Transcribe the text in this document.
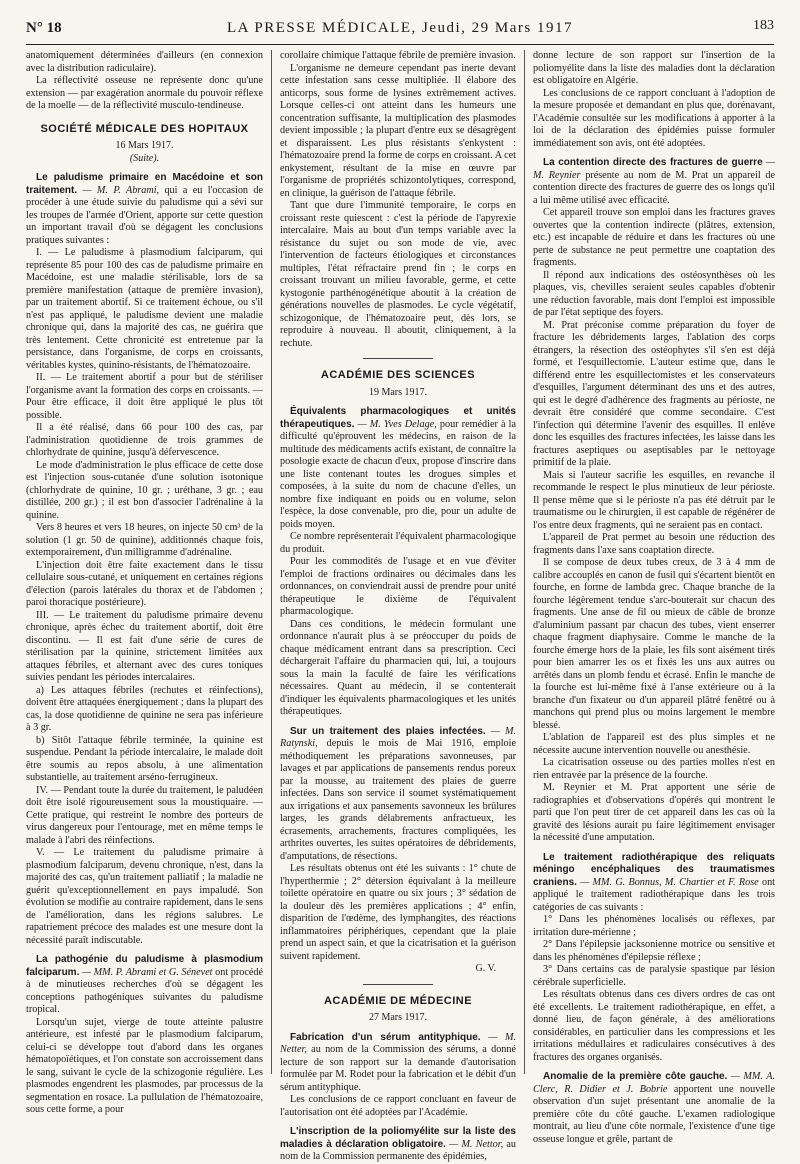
N° 18	LA PRESSE MÉDICALE, Jeudi, 29 Mars 1917	183

anatomiquement déterminées d'ailleurs (en connexion avec la distribution radiculaire).

La réflectivité osseuse ne représente donc qu'une extension — par exagération anormale du pouvoir réflexe de la moelle — de la réflectivité musculo-tendineuse.

SOCIÉTÉ MÉDICALE DES HOPITAUX
16 Mars 1917.
(Suite).

Le paludisme primaire en Macédoine et son traitement. — M. P. Abrami, qui a eu l'occasion de procéder à une étude suivie du paludisme qui a sévi sur les troupes de l'armée d'Orient, apporte sur cette question un important travail d'où se dégagent les conclusions pratiques suivantes :

I. — Le paludisme à plasmodium falciparum, qui représente 85 pour 100 des cas de paludisme primaire en Macédoine, est une maladie stérilisable, lors de sa première manifestation (attaque de première invasion), par un traitement abortif. Si ce traitement échoue, ou s'il n'est pas appliqué, le paludisme devient une maladie chronique qui, dans la majorité des cas, ne guérira que très lentement. Cette chronicité est entretenue par la persistance, dans l'organisme, de corps en croissants, véritables kystes, quinino-résistants, de l'hématozoaire.

II. — Le traitement abortif a pour but de stériliser l'organisme avant la formation des corps en croissants. — Pour être efficace, il doit être appliqué le plus tôt possible.

Il a été réalisé, dans 66 pour 100 des cas, par l'administration quotidienne de trois grammes de chlorhydrate de quinine, jusqu'à défervescence.

Le mode d'administration le plus efficace de cette dose est l'injection sous-cutanée d'une solution isotonique (chlorhydrate de quinine, 10 gr. ; uréthane, 3 gr. ; eau distillée, 200 gr.) ; il est bon d'associer l'adrénaline à la quinine.

Vers 8 heures et vers 18 heures, on injecte 50 cm³ de la solution (1 gr. 50 de quinine), additionnés chaque fois, extemporairement, d'un milligramme d'adrénaline.

L'injection doit être faite exactement dans le tissu cellulaire sous-cutané, et uniquement en certaines régions d'élection (parois latérales du thorax et de l'abdomen ; paroi thoracique postérieure).

III. — Le traitement du paludisme primaire devenu chronique, après échec du traitement abortif, doit être discontinu. — Il est fait d'une série de cures de stérilisation par la quinine, strictement limitées aux attaques fébriles, et alternant avec des cures toniques suivies pendant les périodes intercalaires.

a) Les attaques fébriles (rechutes et réinfections), doivent être attaquées énergiquement ; dans la plupart des cas, la dose quotidienne de quinine ne sera pas inférieure à 3 gr.

b) Sitôt l'attaque fébrile terminée, la quinine est suspendue. Pendant la période intercalaire, le malade doit être soumis au repos absolu, à une alimentation substantielle, au traitement arséno-ferrugineux.

IV. — Pendant toute la durée du traitement, le paludéen doit être isolé rigoureusement sous la moustiquaire. — Cette pratique, qui restreint le nombre des porteurs de virus dangereux pour l'entourage, met en même temps le malade à l'abri des réinfections.

V. — Le traitement du paludisme primaire à plasmodium falciparum, devenu chronique, n'est, dans la majorité des cas, qu'un traitement palliatif ; la maladie ne guérit qu'exceptionnellement en pays impaludé. Son évolution se modifie au contraire rapidement, dans le sens de l'amélioration, dans les régions salubres. Le rapatriement précoce des malades est une mesure dont la nécessité paraît indiscutable.

La pathogénie du paludisme à plasmodium falciparum. — MM. P. Abrami et G. Sénevet ont procédé à de minutieuses recherches d'où se dégagent les conceptions pathogéniques suivantes du paludisme tropical.

Lorsqu'un sujet, vierge de toute atteinte palustre antérieure, est infesté par le plasmodium falciparum, celui-ci se développe tout d'abord dans les organes hématopoïétiques, et l'on constate son accroissement dans le sang, suivant le cycle de la schizogonie régulière. Les plasmodes engendrent les plasmodes, par processus de la segmentation en rosace. La pullulation de l'hématozoaire, sous cette forme, a pour

corollaire chimique l'attaque fébrile de première invasion.

L'organisme ne demeure cependant pas inerte devant cette infestation sans cesse multipliée. Il élabore des anticorps, sous forme de lysines extrêmement actives. Lorsque celles-ci ont atteint dans les humeurs une concentration suffisante, la multiplication des plasmodes devient impossible ; la plupart d'entre eux se désagrègent et disparaissent. Les plus résistants s'enkystent : l'hématozoaire prend la forme de corps en croissant. A cet enkystement, résultant de la mise en œuvre par l'organisme de propriétés schizontolytiques, correspond, en clinique, la guérison de l'attaque fébrile.

Tant que dure l'immunité temporaire, le corps en croissant reste quiescent : c'est la période de l'apyrexie intercalaire. Mais au bout d'un temps variable avec la résistance du sujet ou son mode de vie, avec l'intervention de facteurs étiologiques et circonstances multiples, l'état réfractaire prend fin ; le corps en croissant trouvant un milieu favorable, germe, et cette kystogonie parthénogénétique aboutit à la création de générations nouvelles de plasmodes. Le cycle végétatif, schizogonique, de l'hématozoaire peut, dès lors, se reproduire à nouveau. Il aboutit, cliniquement, à la rechute.

ACADÉMIE DES SCIENCES
19 Mars 1917.

Équivalents pharmacologiques et unités thérapeutiques. — M. Yves Delage, pour remédier à la difficulté qu'éprouvent les médecins, en raison de la multitude des médicaments actifs existant, de connaître la posologie exacte de chacun d'eux, propose d'inscrire dans une liste contenant toutes les drogues simples et composées, à la suite du nom de chacune d'elles, un nombre fixe indiquant en poids ou en volume, selon l'espèce, la dose convenable, pro die, pour un adulte de poids moyen.

Ce nombre représenterait l'équivalent pharmacologique du produit.

Pour les commodités de l'usage et en vue d'éviter l'emploi de fractions ordinaires ou décimales dans les ordonnances, on conviendrait aussi de prendre pour unité thérapeutique le dixième de l'équivalent pharmacologique.

Dans ces conditions, le médecin formulant une ordonnance n'aurait plus à se préoccuper du poids de chaque médicament entrant dans sa prescription. Ceci déchargerait l'affaire du pharmacien qui, lui, a toujours sous la main la faculté de faire les vérifications nécessaires. Quant au médecin, il se contenterait d'indiquer les équivalents pharmacologiques et les unités thérapeutiques.

Sur un traitement des plaies infectées. — M. Ratynski, depuis le mois de Mai 1916, emploie méthodiquement les préparations savonneuses, par lavages et par applications de pansements rendus poreux par la mousse, au traitement des plaies de guerre infectées. Dans son service il soumet systématiquement aux irrigations et aux pansements savonneux les brûlures larges, les grands délabrements anfractueux, les écrasements, arrachements, fractures compliquées, les arthrites ouvertes, les suites opératoires de débridements, d'amputations, de résections.

Les résultats obtenus ont été les suivants : 1° chute de l'hyperthermie ; 2° détersion équivalant à la meilleure toilette opératoire en quatre ou six jours ; 3° sédation de la douleur dès les premières applications ; 4° enfin, disparition de l'œdème, des lymphangites, des réactions inflammatoires périphériques, cependant que la plaie prend un aspect sain, et que la cicatrisation et la guérison suivent rapidement.

G. V.
ACADÉMIE DE MÉDECINE
27 Mars 1917.

Fabrication d'un sérum antityphique. — M. Netter, au nom de la Commission des sérums, a donné lecture de son rapport sur la demande d'autorisation formulée par M. Rodet pour la fabrication et le débit d'un sérum antityphique.

Les conclusions de ce rapport concluant en faveur de l'autorisation ont été adoptées par l'Académie.

L'inscription de la poliomyélite sur la liste des maladies à déclaration obligatoire. — M. Nettor, au nom de la Commission permanente des épidémies,

donne lecture de son rapport sur l'insertion de la poliomyélite dans la liste des maladies dont la déclaration est obligatoire en Algérie.

Les conclusions de ce rapport concluant à l'adoption de la mesure proposée et demandant en plus que, dorénavant, l'Académie consultée sur les modifications à apporter à la loi de la déclaration des épidémies puisse formuler immédiatement son avis, ont été adoptées.

La contention directe des fractures de guerre — M. Reynier présente au nom de M. Prat un appareil de contention directe des fractures de guerre des os longs qu'il a lui même utilisé avec efficacité.

Cet appareil trouve son emploi dans les fractures graves ouvertes que la contention indirecte (plâtres, extension, etc.) est incapable de réduire et dans les fractures où une perte de substance ne peut permettre une coaptation des fragments.

Il répond aux indications des ostéosynthèses où les plaques, vis, chevilles seraient seules capables d'obtenir une réduction favorable, mais dont l'emploi est impossible de par l'état septique des foyers.

M. Prat préconise comme préparation du foyer de fracture les débridements larges, l'ablation des corps étrangers, la résection des ostéophytes s'il s'en est déjà formé, et l'esquillectomie. L'auteur estime que, dans le différend entre les esquillectomistes et les conservateurs d'esquilles, l'argument déterminant des uns et des autres, qui est le degré d'adhérence des fragments au périoste, ne devrait être considéré que comme secondaire. C'est l'infection qui détermine l'avenir des esquilles. Il enlève donc les esquilles des fractures infectées, les laisse dans les fractures aseptiques ou aseptisables par le nettoyage primitif de la plaie.

Mais si l'auteur sacrifie les esquilles, en revanche il recommande le respect le plus minutieux de leur périoste. Il pense même que si le périoste n'a pas été détruit par le traumatisme ou le chirurgien, il est capable de régénérer de l'os entre deux fragments, qui ne seraient pas en contact.

L'appareil de Prat permet au besoin une réduction des fragments dans l'axe sans coaptation directe.

Il se compose de deux tubes creux, de 3 à 4 mm de calibre accouplés en canon de fusil qui s'écartent bientôt en fourche, en forme de lambda grec. Chaque branche de la fourche légèrement tendue s'arc-bouterait sur chacun des fragments. Une anse de fil ou mieux de câble de bronze d'aluminium passant par chacun des tubes, vient enserrer chaque fragment diaphysaire. Comme le manche de la fourche émerge hors de la plaie, les fils sont aisément tirés pour bien amarrer les os et fixés les uns aux autres ou arrêtés dans un plomb fendu et écrasé. Enfin le manche de la fourche est lui-même fixé à l'anse extérieure ou à la branche d'un fixateur ou d'un appareil plâtré fenêtré ou à manchons qui prend plus ou moins largement le membre blessé.

L'ablation de l'appareil est des plus simples et ne nécessite aucune intervention nouvelle ou anesthésie.

La cicatrisation osseuse ou des parties molles n'est en rien entravée par la présence de la fourche.

M. Reynier et M. Prat apportent une série de radiographies et d'observations d'opérés qui montrent le parti que l'on peut tirer de cet appareil dans les cas où la gravité des lésions aurait pu faire légitimement envisager la nécessité d'une amputation.

Le traitement radiothérapique des reliquats méningo encéphaliques des traumatismes craniens. — MM. G. Bonnus, M. Chartier et F. Rose ont appliqué le traitement radiothérapique dans les trois catégories de cas suivants :

1° Dans les phénomènes localisés ou réflexes, par irritation dure-mérienne ;

2° Dans l'épilepsie jacksonienne motrice ou sensitive et dans les phénomènes d'épilepsie réflexe ;

3° Dans certains cas de paralysie spastique par lésion cérébrale superficielle.

Les résultats obtenus dans ces divers ordres de cas ont été excellents. Le traitement radiothérapique, en effet, a donné lieu, de façon générale, à des améliorations considérables, en particulier dans les compressions et les irritations médullaires et radiculaires consécutives à des fractures des organes organisés.

Anomalie de la première côte gauche. — MM. A. Clerc, R. Didier et J. Bobrie apportent une nouvelle observation d'un sujet présentant une anomalie de la première côte du côté gauche. L'examen radiologique montrait, au lieu d'une côte normale, l'existence d'une tige osseuse longue et grêle, partant de
